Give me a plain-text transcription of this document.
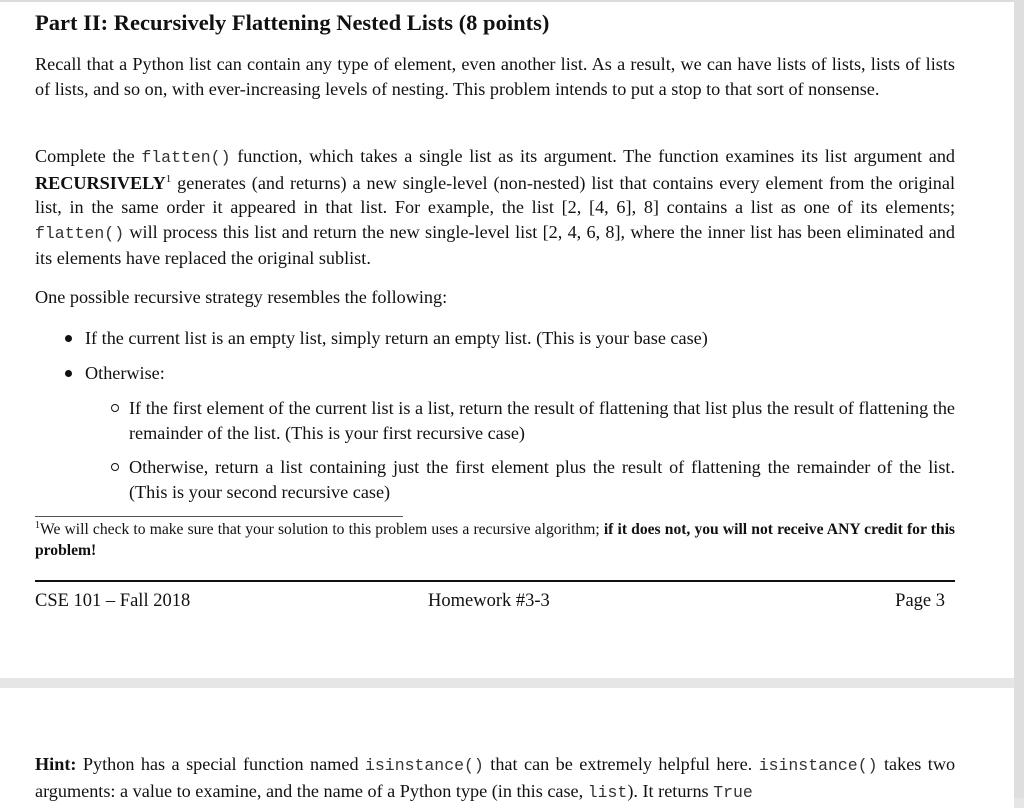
Part II: Recursively Flattening Nested Lists (8 points)

Recall that a Python list can contain any type of element, even another list. As a result, we can have lists of lists, lists of lists of lists, and so on, with ever-increasing levels of nesting. This problem intends to put a stop to that sort of nonsense.

Complete the flatten() function, which takes a single list as its argument. The function examines its list argument and RECURSIVELY$^1$ generates (and returns) a new single-level (non-nested) list that contains every element from the original list, in the same order it appeared in that list. For example, the list [2, [4, 6], 8] contains a list as one of its elements; flatten() will process this list and return the new single-level list [2, 4, 6, 8], where the inner list has been eliminated and its elements have replaced the original sublist.

One possible recursive strategy resembles the following:

If the current list is an empty list, simply return an empty list. (This is your base case)
Otherwise:
If the first element of the current list is a list, return the result of flattening that list plus the result of flattening the remainder of the list. (This is your first recursive case)
Otherwise, return a list containing just the first element plus the result of flattening the remainder of the list. (This is your second recursive case)
$^1$We will check to make sure that your solution to this problem uses a recursive algorithm; if it does not, you will not receive ANY credit for this problem!
CSE 101 – Fall 2018	Homework #3-3	Page 3

Hint: Python has a special function named isinstance() that can be extremely helpful here. isinstance() takes two arguments: a value to examine, and the name of a Python type (in this case, list). It returns True
